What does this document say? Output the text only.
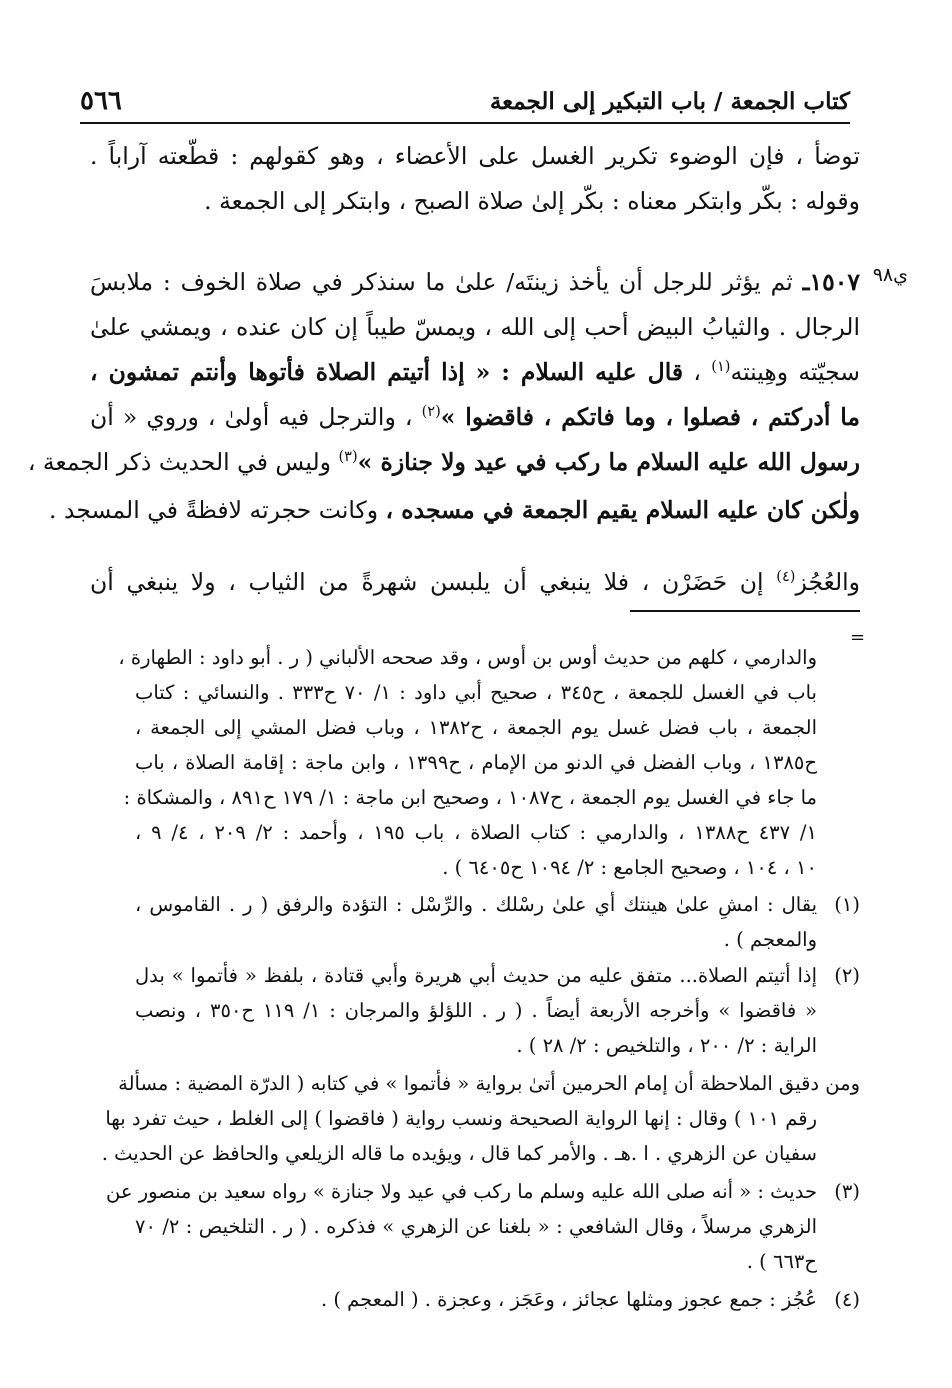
كتاب الجمعة / باب التبكير إلى الجمعة
٥٦٦
توضأ ، فإن الوضوء تكرير الغسل على الأعضاء ، وهو كقولهم : قطّعته آراباً .
وقوله : بكّر وابتكر معناه : بكّر إلىٰ صلاة الصبح ، وابتكر إلى الجمعة .
ي٩٨
١٥٠٧ـ ثم يؤثر للرجل أن يأخذ زينتَه/ علىٰ ما سنذكر في صلاة الخوف : ملابسَ
الرجال . والثيابُ البيض أحب إلى الله ، ويمسّ طيباً إن كان عنده ، ويمشي علىٰ
سجيّته وهِينته$^{(١)}$ ، قال عليه السلام : « إذا أتيتم الصلاة فأتوها وأنتم تمشون ،
ما أدركتم ، فصلوا ، وما فاتكم ، فاقضوا »$^{(٢)}$ ، والترجل فيه أولىٰ ، وروي « أن
رسول الله عليه السلام ما ركب في عيد ولا جنازة »$^{(٣)}$ وليس في الحديث ذكر الجمعة ،
ولٰكن كان عليه السلام يقيم الجمعة في مسجده ، وكانت حجرته لافظةً في المسجد .
والعُجُز$^{(٤)}$ إن حَضَرْن ، فلا ينبغي أن يلبسن شهرةً من الثياب ، ولا ينبغي أن
=
والدارمي ، كلهم من حديث أوس بن أوس ، وقد صححه الألباني ( ر . أبو داود : الطهارة ،
باب في الغسل للجمعة ، ح٣٤٥ ، صحيح أبي داود : ١/ ٧٠ ح٣٣٣ . والنسائي : كتاب
الجمعة ، باب فضل غسل يوم الجمعة ، ح١٣٨٢ ، وباب فضل المشي إلى الجمعة ،
ح١٣٨٥ ، وباب الفضل في الدنو من الإمام ، ح١٣٩٩ ، وابن ماجة : إقامة الصلاة ، باب
ما جاء في الغسل يوم الجمعة ، ح١٠٨٧ ، وصحيح ابن ماجة : ١/ ١٧٩ ح٨٩١ ، والمشكاة :
١/ ٤٣٧ ح١٣٨٨ ، والدارمي : كتاب الصلاة ، باب ١٩٥ ، وأحمد : ٢/ ٢٠٩ ، ٤/ ٩ ،
١٠ ، ١٠٤ ، وصحيح الجامع : ٢/ ١٠٩٤ ح٦٤٠٥ ) .
(١)
يقال : امشِ علىٰ هينتك أي علىٰ رسْلك . والرِّسْل : التؤدة والرفق ( ر . القاموس ،
والمعجم ) .
(٢)
إذا أتيتم الصلاة... متفق عليه من حديث أبي هريرة وأبي قتادة ، بلفظ « فأتموا » بدل
« فاقضوا » وأخرجه الأربعة أيضاً . ( ر . اللؤلؤ والمرجان : ١/ ١١٩ ح٣٥٠ ، ونصب
الراية : ٢/ ٢٠٠ ، والتلخيص : ٢/ ٢٨ ) .
ومن دقيق الملاحظة أن إمام الحرمين أتىٰ برواية « فأتموا » في كتابه ( الدرّة المضية : مسألة
رقم ١٠١ ) وقال : إنها الرواية الصحيحة ونسب رواية ( فاقضوا ) إلى الغلط ، حيث تفرد بها
سفيان عن الزهري . ا .هـ . والأمر كما قال ، ويؤيده ما قاله الزيلعي والحافظ عن الحديث .
(٣)
حديث : « أنه صلى الله عليه وسلم ما ركب في عيد ولا جنازة » رواه سعيد بن منصور عن
الزهري مرسلاً ، وقال الشافعي : « بلغنا عن الزهري » فذكره . ( ر . التلخيص : ٢/ ٧٠
ح٦٦٣ ) .
(٤)
عُجُز : جمع عجوز ومثلها عجائز ، وعَجَز ، وعجزة . ( المعجم ) .
